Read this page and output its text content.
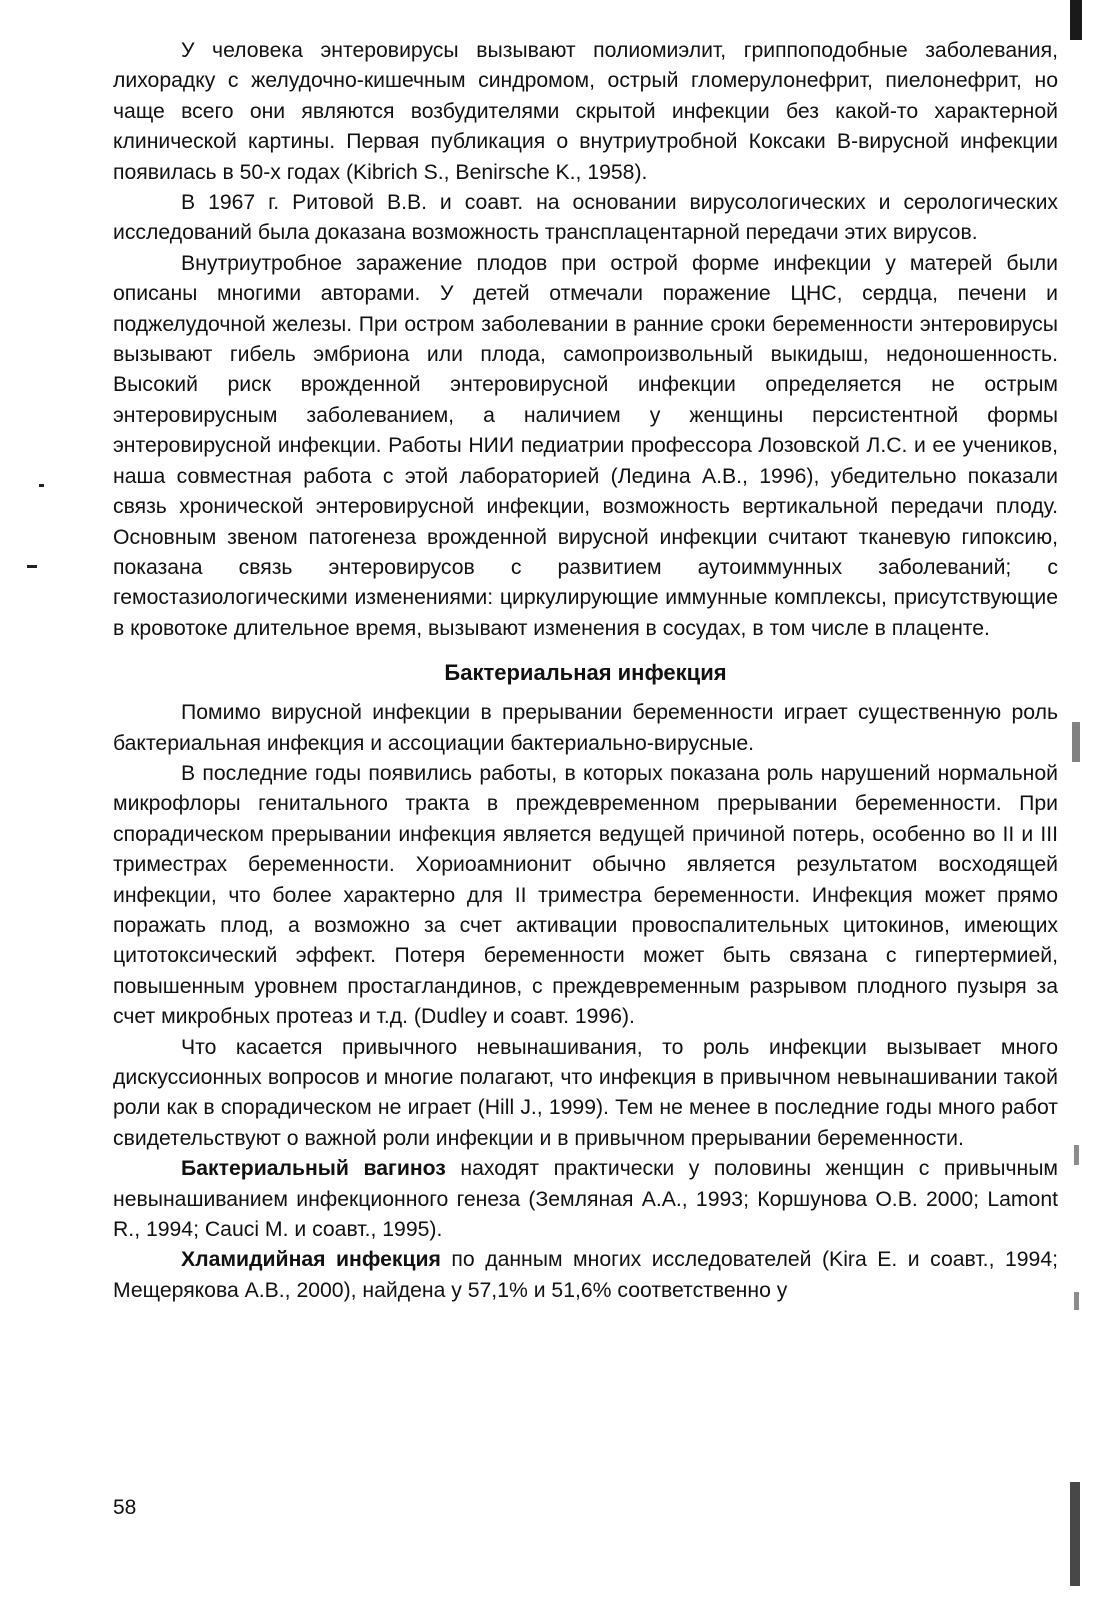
У человека энтеровирусы вызывают полиомиэлит, гриппоподобные заболевания, лихорадку с желудочно-кишечным синдромом, острый гломерулонефрит, пиелонефрит, но чаще всего они являются возбудителями скрытой инфекции без какой-то характерной клинической картины. Первая публикация о внутриутробной Коксаки В-вирусной инфекции появилась в 50-х годах (Kibrich S., Benirsche K., 1958).

В 1967 г. Ритовой В.В. и соавт. на основании вирусологических и серологических исследований была доказана возможность трансплацентарной передачи этих вирусов.

Внутриутробное заражение плодов при острой форме инфекции у матерей были описаны многими авторами. У детей отмечали поражение ЦНС, сердца, печени и поджелудочной железы. При остром заболевании в ранние сроки беременности энтеровирусы вызывают гибель эмбриона или плода, самопроизвольный выкидыш, недоношенность. Высокий риск врожденной энтеровирусной инфекции определяется не острым энтеровирусным заболеванием, а наличием у женщины персистентной формы энтеровирусной инфекции. Работы НИИ педиатрии профессора Лозовской Л.С. и ее учеников, наша совместная работа с этой лабораторией (Ледина А.В., 1996), убедительно показали связь хронической энтеровирусной инфекции, возможность вертикальной передачи плоду. Основным звеном патогенеза врожденной вирусной инфекции считают тканевую гипоксию, показана связь энтеровирусов с развитием аутоиммунных заболеваний; с гемостазиологическими изменениями: циркулирующие иммунные комплексы, присутствующие в кровотоке длительное время, вызывают изменения в сосудах, в том числе в плаценте.

Бактериальная инфекция

Помимо вирусной инфекции в прерывании беременности играет существенную роль бактериальная инфекция и ассоциации бактериально-вирусные.

В последние годы появились работы, в которых показана роль нарушений нормальной микрофлоры генитального тракта в преждевременном прерывании беременности. При спорадическом прерывании инфекция является ведущей причиной потерь, особенно во II и III триместрах беременности. Хориоамнионит обычно является результатом восходящей инфекции, что более характерно для II триместра беременности. Инфекция может прямо поражать плод, а возможно за счет активации провоспалительных цитокинов, имеющих цитотоксический эффект. Потеря беременности может быть связана с гипертермией, повышенным уровнем простагландинов, с преждевременным разрывом плодного пузыря за счет микробных протеаз и т.д. (Dudley и соавт. 1996).

Что касается привычного невынашивания, то роль инфекции вызывает много дискуссионных вопросов и многие полагают, что инфекция в привычном невынашивании такой роли как в спорадическом не играет (Hill J., 1999). Тем не менее в последние годы много работ свидетельствуют о важной роли инфекции и в привычном прерывании беременности.

Бактериальный вагиноз находят практически у половины женщин с привычным невынашиванием инфекционного генеза (Земляная А.А., 1993; Коршунова О.В. 2000; Lamont R., 1994; Cauci M. и соавт., 1995).

Хламидийная инфекция по данным многих исследователей (Kira E. и соавт., 1994; Мещерякова А.В., 2000), найдена у 57,1% и 51,6% соответственно у

58
